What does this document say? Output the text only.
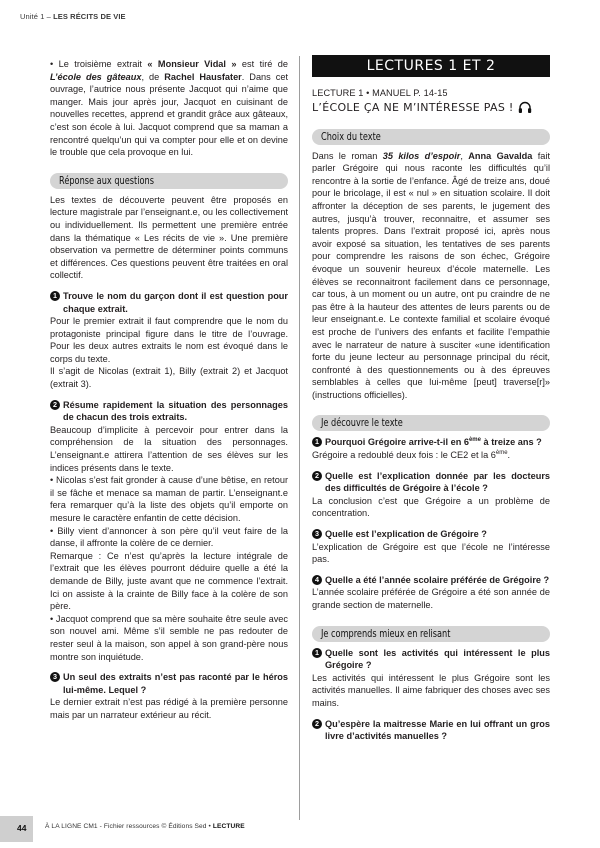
Unité 1 – LES RÉCITS DE VIE

• Le troisième extrait « Monsieur Vidal » est tiré de L’école des gâteaux, de Rachel Hausfater. Dans cet ouvrage, l’autrice nous présente Jacquot qui n’aime que manger. Mais jour après jour, Jacquot en cuisinant de nouvelles recettes, apprend et grandit grâce aux gâteaux, c’est son école à lui. Jacquot comprend que sa maman a rencontré quelqu’un qui va compter pour elle et on devine le trouble que cela provoque en lui.

Réponse aux questions

Les textes de découverte peuvent être proposés en lecture magistrale par l’enseignant.e, ou les collectivement ou individuellement. Ils permettent une première entrée dans la thématique « Les récits de vie ». Une première observation va permettre de déterminer points communs et différences. Ces questions peuvent être traitées en oral collectif.

1 Trouve le nom du garçon dont il est question pour chaque extrait.

Pour le premier extrait il faut comprendre que le nom du protagoniste principal figure dans le titre de l’ouvrage. Pour les deux autres extraits le nom est évoqué dans le corps du texte.

Il s’agit de Nicolas (extrait 1), Billy (extrait 2) et Jacquot (extrait 3).

2 Résume rapidement la situation des personnages de chacun des trois extraits.

Beaucoup d’implicite à percevoir pour entrer dans la compréhension de la situation des personnages. L’enseignant.e attirera l’attention de ses élèves sur les indices présents dans le texte.

• Nicolas s’est fait gronder à cause d’une bêtise, en retour il se fâche et menace sa maman de partir. L’enseignant.e fera remarquer qu’à la liste des objets qu’il emporte on mesure le caractère enfantin de cette décision.

• Billy vient d’annoncer à son père qu’il veut faire de la danse, il affronte la colère de ce dernier.

Remarque : Ce n’est qu’après la lecture intégrale de l’extrait que les élèves pourront déduire quelle a été la demande de Billy, juste avant que ne commence l’extrait. Ici on assiste à la crainte de Billy face à la colère de son père.

• Jacquot comprend que sa mère souhaite être seule avec son nouvel ami. Même s’il semble ne pas redouter de rester seul à la maison, son appel à son grand-père nous montre son inquiétude.

3 Un seul des extraits n’est pas raconté par le héros lui-même. Lequel ?

Le dernier extrait n’est pas rédigé à la première personne mais par un narrateur extérieur au récit.

LECTURES 1 ET 2
LECTURE 1 • MANUEL P. 14-15
L’ÉCOLE ÇA NE M’INTÉRESSE PAS !
Choix du texte

Dans le roman 35 kilos d’espoir, Anna Gavalda fait parler Grégoire qui nous raconte les difficultés qu’il rencontre à la sortie de l’enfance. Âgé de treize ans, doué pour le bricolage, il est « nul » en situation scolaire. Il doit affronter la déception de ses parents, le jugement des autres, jusqu’à trouver, reconnaitre, et assumer ses talents propres. Dans l’extrait proposé ici, après nous avoir exposé sa situation, les tentatives de ses parents pour comprendre les raisons de son échec, Grégoire évoque un souvenir heureux d’école maternelle. Les élèves se reconnaitront facilement dans ce personnage, car tous, à un moment ou un autre, ont pu craindre de ne pas être à la hauteur des attentes de leurs parents ou de leur enseignant.e. Le contexte familial et scolaire évoqué est proche de l’univers des enfants et facilite l’empathie avec le narrateur de nature à susciter «une identification forte du jeune lecteur au personnage principal du récit, confronté à des questionnements ou à des épreuves semblables à celles que lui-même [peut] traverse[r]» (instructions officielles).

Je découvre le texte
1 Pourquoi Grégoire arrive-t-il en 6ème à treize ans ?

Grégoire a redoublé deux fois : le CE2 et la 6ème.

2 Quelle est l’explication donnée par les docteurs des difficultés de Grégoire à l’école ?

La conclusion c’est que Grégoire a un problème de concentration.

3 Quelle est l’explication de Grégoire ?

L’explication de Grégoire est que l’école ne l’intéresse pas.

4 Quelle a été l’année scolaire préférée de Grégoire ?

L’année scolaire préférée de Grégoire a été son année de grande section de maternelle.

Je comprends mieux en relisant
1 Quelle sont les activités qui intéressent le plus Grégoire ?

Les activités qui intéressent le plus Grégoire sont les activités manuelles. Il aime fabriquer des choses avec ses mains.

2 Qu’espère la maitresse Marie en lui offrant un gros livre d’activités manuelles ?
44	À LA LIGNE CM1 - Fichier ressources © Éditions Sed • LECTURE
